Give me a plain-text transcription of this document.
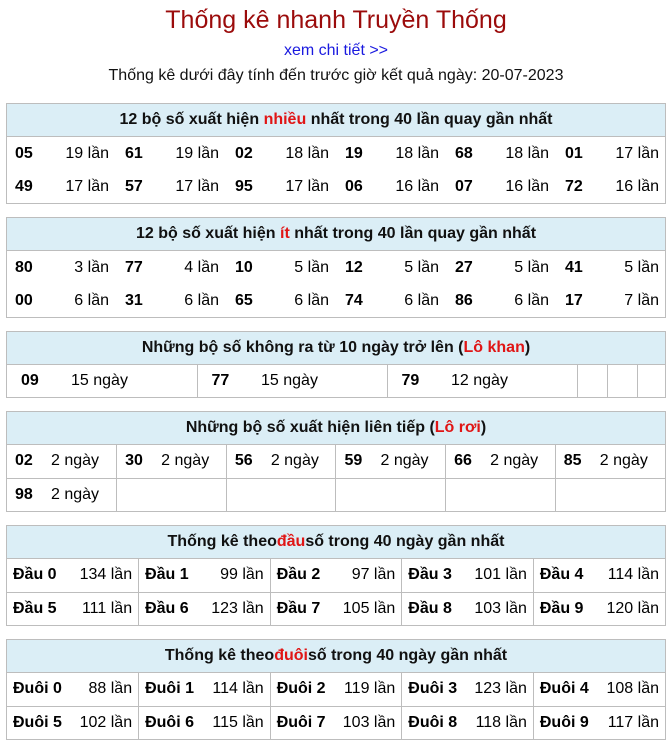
Thống kê nhanh Truyền Thống
xem chi tiết >>
Thống kê dưới đây tính đến trước giờ kết quả ngày: 20-07-2023
12 bộ số xuất hiện
nhiều
nhất trong 40 lần quay gần nhất
05	19 lần	61	19 lần	02	18 lần	19	18 lần	68	18 lần	01	17 lần
49	17 lần	57	17 lần	95	17 lần	06	16 lần	07	16 lần	72	16 lần
12 bộ số xuất hiện
ít
nhất trong 40 lần quay gần nhất
80	3 lần	77	4 lần	10	5 lần	12	5 lần	27	5 lần	41	5 lần
00	6 lần	31	6 lần	65	6 lần	74	6 lần	86	6 lần	17	7 lần
Những bộ số không ra từ 10 ngày trở lên ( Lô khan )
09	15 ngày	77	15 ngày	79	12 ngày			
Những bộ số xuất hiện liên tiếp ( Lô rơi )
02 2 ngày	30 2 ngày	56 2 ngày	59 2 ngày	66 2 ngày	85 2 ngày
98 2 ngày					
Thống kê theo đầu số trong 40 ngày gần nhất
Đầu 0 134 lần	Đầu 1 99 lần	Đầu 2 97 lần	Đầu 3 101 lần	Đầu 4 114 lần

Đầu 5 111 lần	Đầu 6 123 lần	Đầu 7 105 lần	Đầu 8 103 lần	Đầu 9 120 lần
Thống kê theo đuôi số trong 40 ngày gần nhất
Đuôi 0 88 lần	Đuôi 1 114 lần	Đuôi 2 119 lần	Đuôi 3 123 lần	Đuôi 4 108 lần

Đuôi 5 102 lần	Đuôi 6 115 lần	Đuôi 7 103 lần	Đuôi 8 118 lần	Đuôi 9 117 lần
